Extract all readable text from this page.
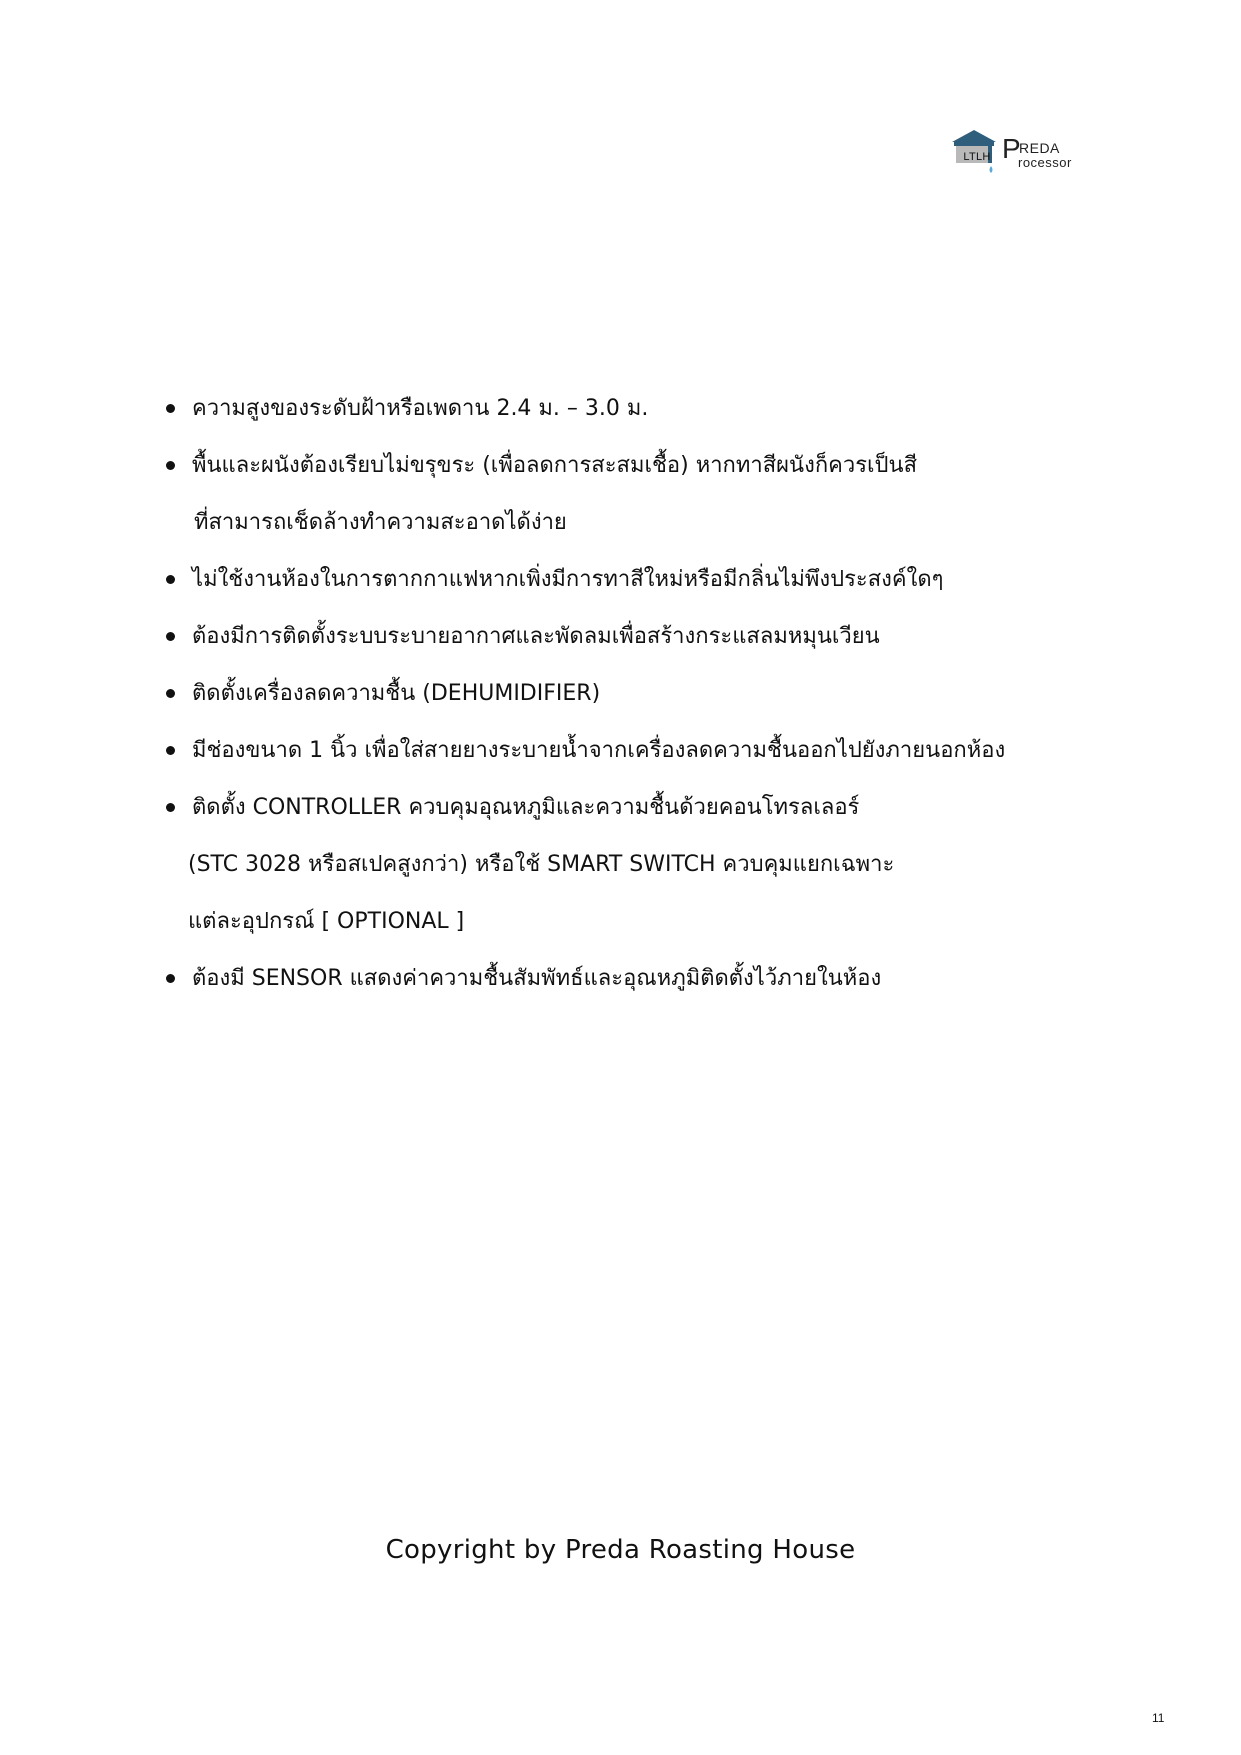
LTLH P
REDA
rocessor
ความสูงของระดับฝ้าหรือเพดาน 2.4 ม. – 3.0 ม.
พื้นและผนังต้องเรียบไม่ขรุขระ (เพื่อลดการสะสมเชื้อ) หากทาสีผนังก็ควรเป็นสี
ที่สามารถเช็ดล้างทำความสะอาดได้ง่าย
ไม่ใช้งานห้องในการตากกาแฟหากเพิ่งมีการทาสีใหม่หรือมีกลิ่นไม่พึงประสงค์ใดๆ
ต้องมีการติดตั้งระบบระบายอากาศและพัดลมเพื่อสร้างกระแสลมหมุนเวียน
ติดตั้งเครื่องลดความชื้น (DEHUMIDIFIER)
มีช่องขนาด 1 นิ้ว เพื่อใส่สายยางระบายน้ำจากเครื่องลดความชื้นออกไปยังภายนอกห้อง
ติดตั้ง CONTROLLER ควบคุมอุณหภูมิและความชื้นด้วยคอนโทรลเลอร์
(STC 3028 หรือสเปคสูงกว่า) หรือใช้ SMART SWITCH ควบคุมแยกเฉพาะ
แต่ละอุปกรณ์ [ OPTIONAL ]
ต้องมี SENSOR แสดงค่าความชื้นสัมพัทธ์และอุณหภูมิติดตั้งไว้ภายในห้อง
Copyright by Preda Roasting House
11
